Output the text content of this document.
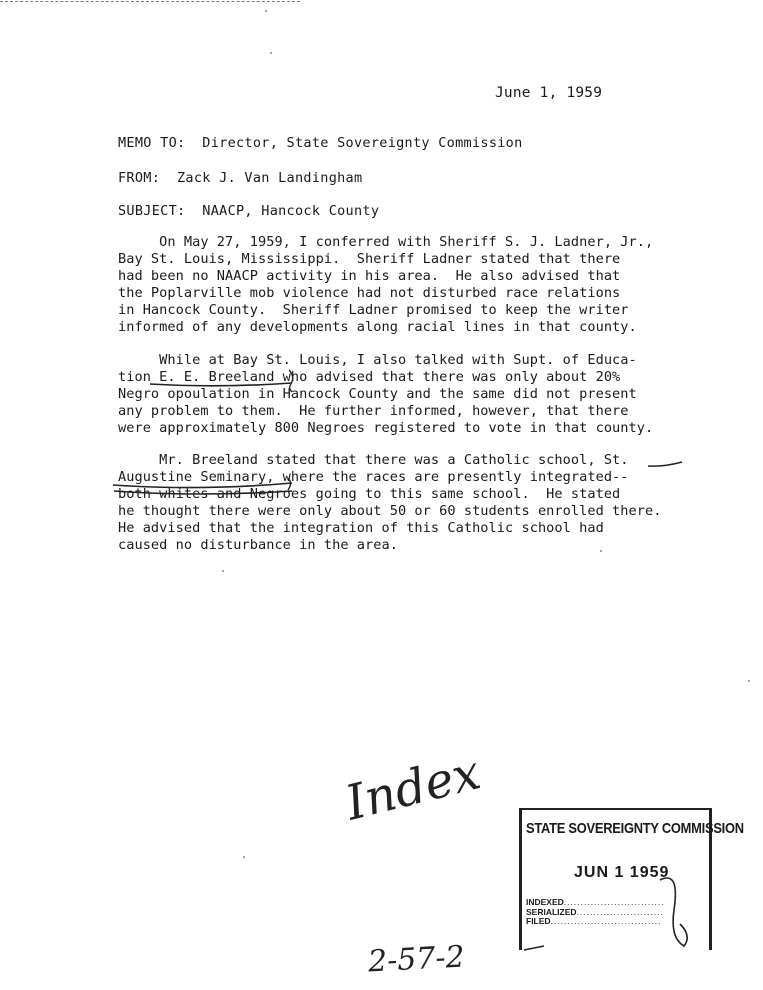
June 1, 1959
MEMO TO: Director, State Sovereignty Commission
FROM: Zack J. Van Landingham
SUBJECT: NAACP, Hancock County
On May 27, 1959, I conferred with Sheriff S. J. Ladner, Jr.,
Bay St. Louis, Mississippi.  Sheriff Ladner stated that there
had been no NAACP activity in his area.  He also advised that
the Poplarville mob violence had not disturbed race relations
in Hancock County.  Sheriff Ladner promised to keep the writer
informed of any developments along racial lines in that county.
While at Bay St. Louis, I also talked with Supt. of Educa-
tion E. E. Breeland who advised that there was only about 20%
Negro opoulation in Hancock County and the same did not present
any problem to them.  He further informed, however, that there
were approximately 800 Negroes registered to vote in that county.
Mr. Breeland stated that there was a Catholic school, St.
Augustine Seminary, where the races are presently integrated--
both whites and Negroes going to this same school.  He stated
he thought there were only about 50 or 60 students enrolled there.
He advised that the integration of this Catholic school had
caused no disturbance in the area.
Index	STATE SOVEREIGNTY COMMISSION
JUN 1 1959
INDEXED..............................
SERIALIZED..........................
FILED.................................
2-57-2
